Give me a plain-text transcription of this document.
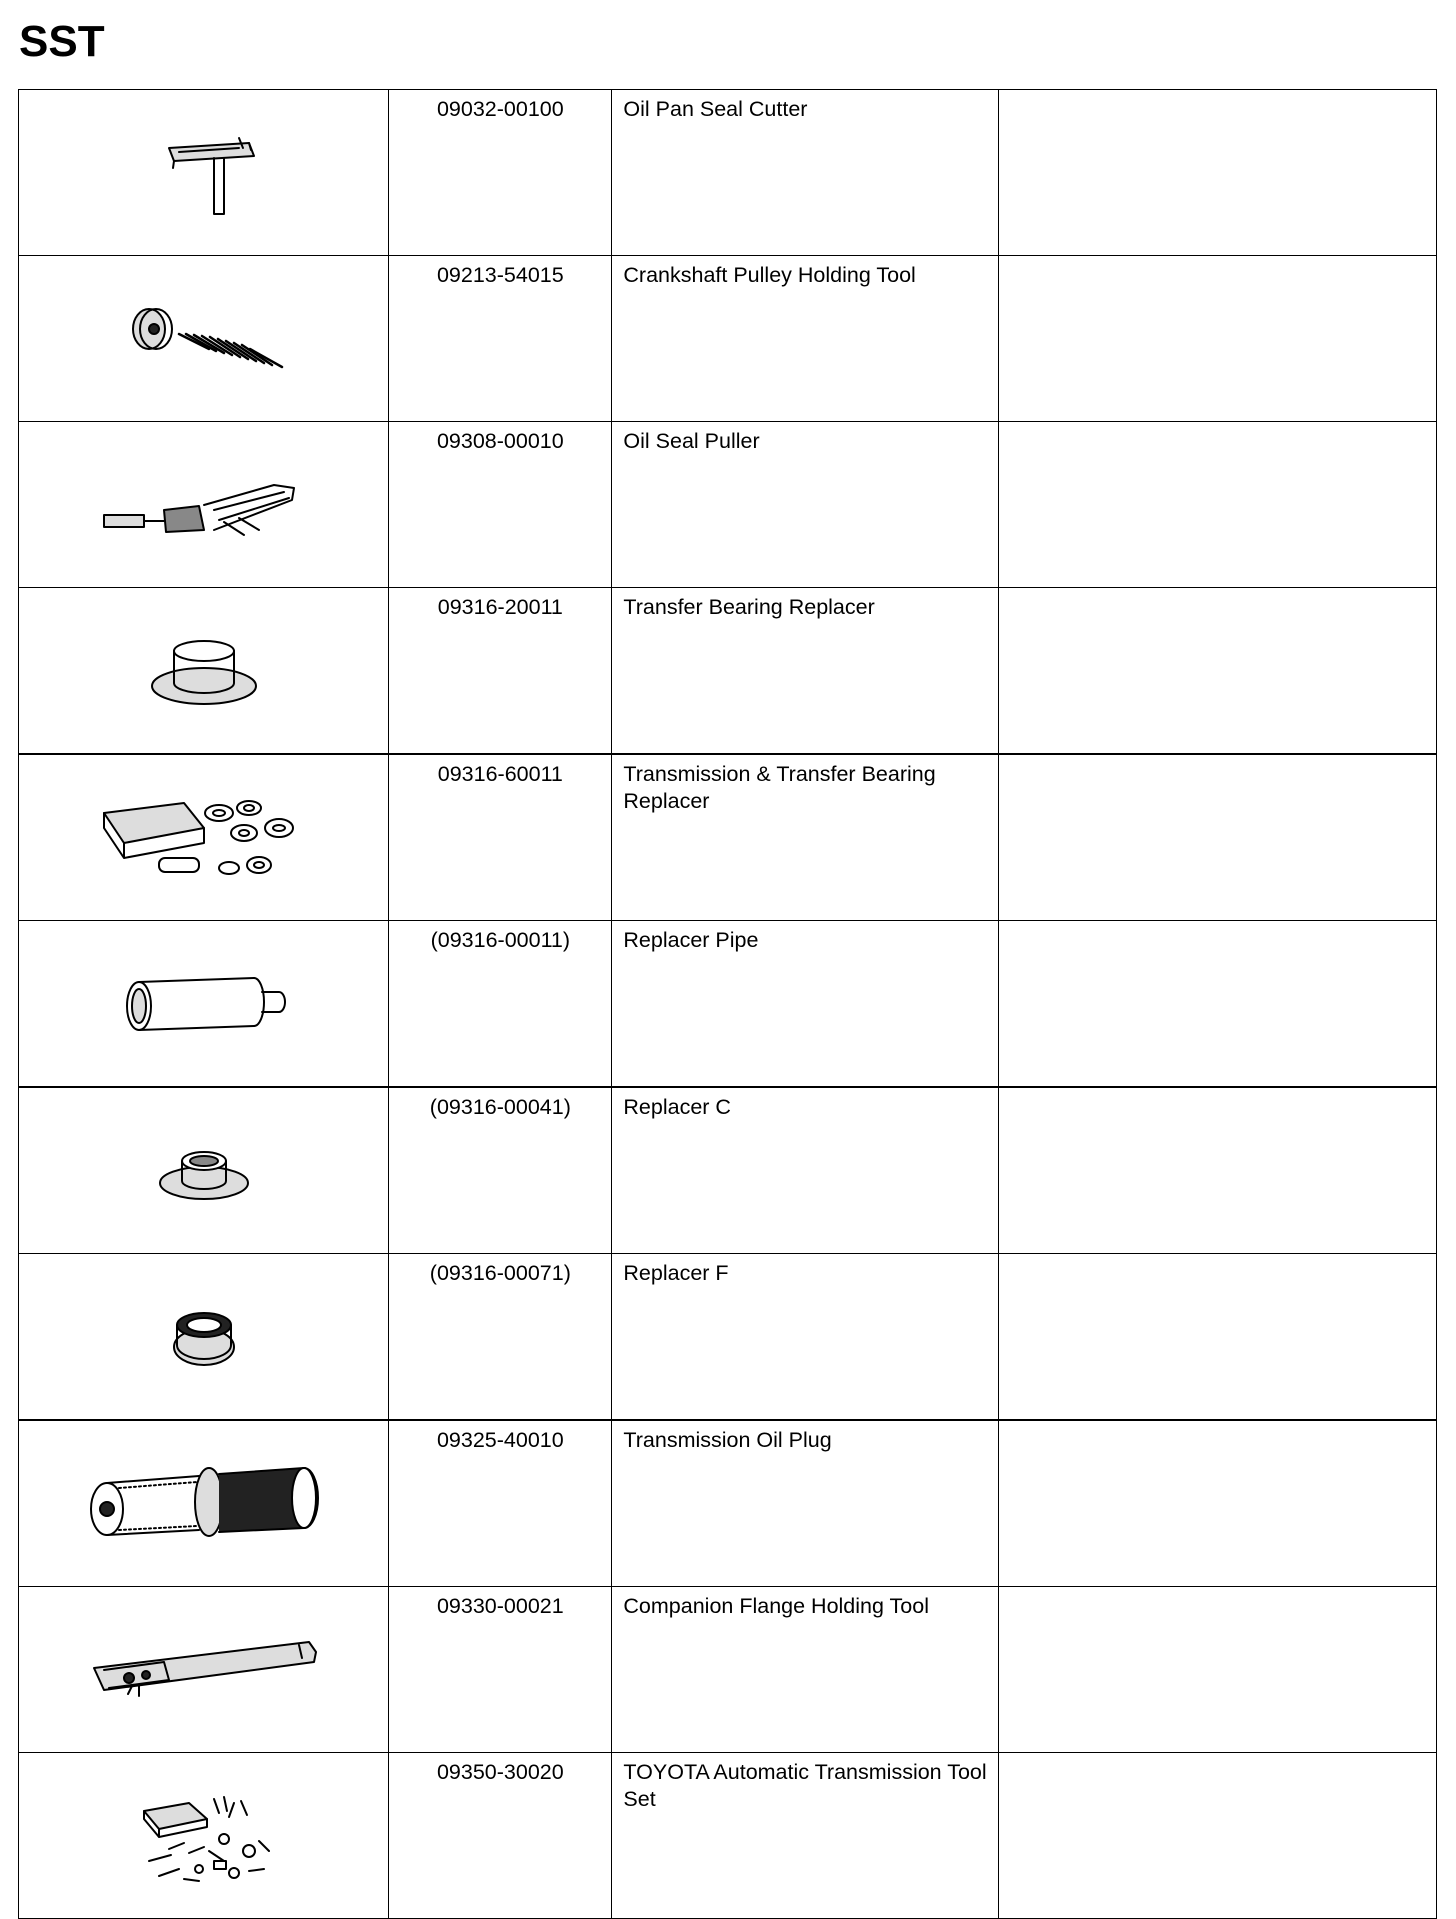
SST
	09032-00100	Oil Pan Seal Cutter	

	09213-54015	Crankshaft Pulley Holding Tool	

	09308-00010	Oil Seal Puller	

	09316-20011	Transfer Bearing Replacer	

	09316-60011	Transmission & Transfer Bearing Replacer	

	(09316-00011)	Replacer Pipe	

	(09316-00041)	Replacer C	

	(09316-00071)	Replacer F	

	09325-40010	Transmission Oil Plug	

	09330-00021	Companion Flange Holding Tool	

	09350-30020	TOYOTA Automatic Transmission Tool Set	
